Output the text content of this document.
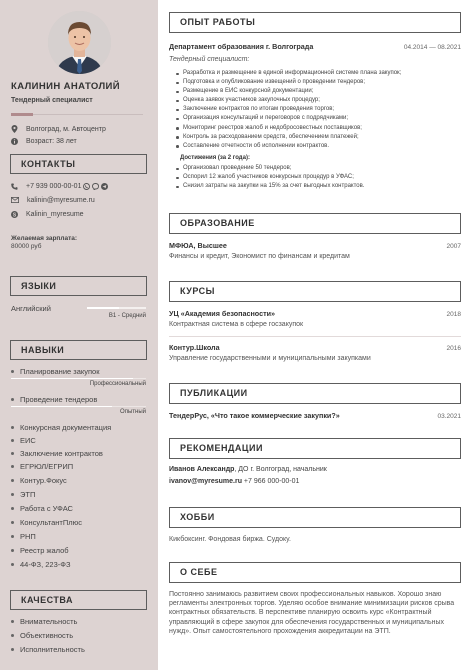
КАЛИНИН АНАТОЛИЙ
Тендерный специалист
Волгоград, м. Автоцентр
Возраст: 38 лет
КОНТАКТЫ
+7 939 000-00-01
kalinin@myresume.ru
S Kalinin_myresume
Желаемая зарплата:
80000 руб
ЯЗЫКИ
Английский
B1 - Средний
НАВЫКИ
Планирование закупок
Профессиональный
Проведение тендеров
Опытный
Конкурсная документация
ЕИС
Заключение контрактов
ЕГРЮЛ/ЕГРИП
Контур.Фокус
ЭТП
Работа с УФАС
КонсультантПлюс
РНП
Реестр жалоб
44-ФЗ, 223-ФЗ
КАЧЕСТВА
Внимательность
Объективность
Исполнительность
ОПЫТ РАБОТЫ
Департамент образования г. Волгограда	04.2014 — 08.2021
Тендерный специалист:
Разработка и размещение в единой информационной системе плана закупок;
Подготовка и опубликование извещений о проведении тендеров;
Размещение в ЕИС конкурсной документации;
Оценка заявок участников закупочных процедур;
Заключение контрактов по итогам проведения торгов;
Организация консультаций и переговоров с подрядчиками;
Мониторинг реестров жалоб и недобросовестных поставщиков;
Контроль за расходованием средств, обеспечением платежей;
Составление отчетности об исполнении контрактов.
Достижения (за 2 года):
Организовал проведение 50 тендеров;
Оспорил 12 жалоб участников конкурсных процедур в УФАС;
Снизил затраты на закупки на 15% за счет выгодных контрактов.
ОБРАЗОВАНИЕ
МФЮА, Высшее	2007
Финансы и кредит, Экономист по финансам и кредитам
КУРСЫ
УЦ «Академия безопасности»	2018
Контрактная система в сфере госзакупок
Контур.Школа	2016
Управление государственными и муниципальными закупками
ПУБЛИКАЦИИ
ТендерРус, «Что такое коммерческие закупки?»	03.2021
РЕКОМЕНДАЦИИ
Иванов Александр, ДО г. Волгоград, начальник
ivanov@myresume.ru +7 966 000-00-01
ХОББИ
Кикбоксинг. Фондовая биржа. Судоку.
О СЕБЕ
Постоянно занимаюсь развитием своих профессиональных навыков. Хорошо знаю регламенты электронных торгов. Уделяю особое внимание минимизации рисков срыва контрактных обязательств. В перспективе планирую освоить курс «Контрактный управляющий в сфере закупок для обеспечения государственных и муниципальных нужд». Опыт самостоятельного прохождения аккредитации на ЭТП.
